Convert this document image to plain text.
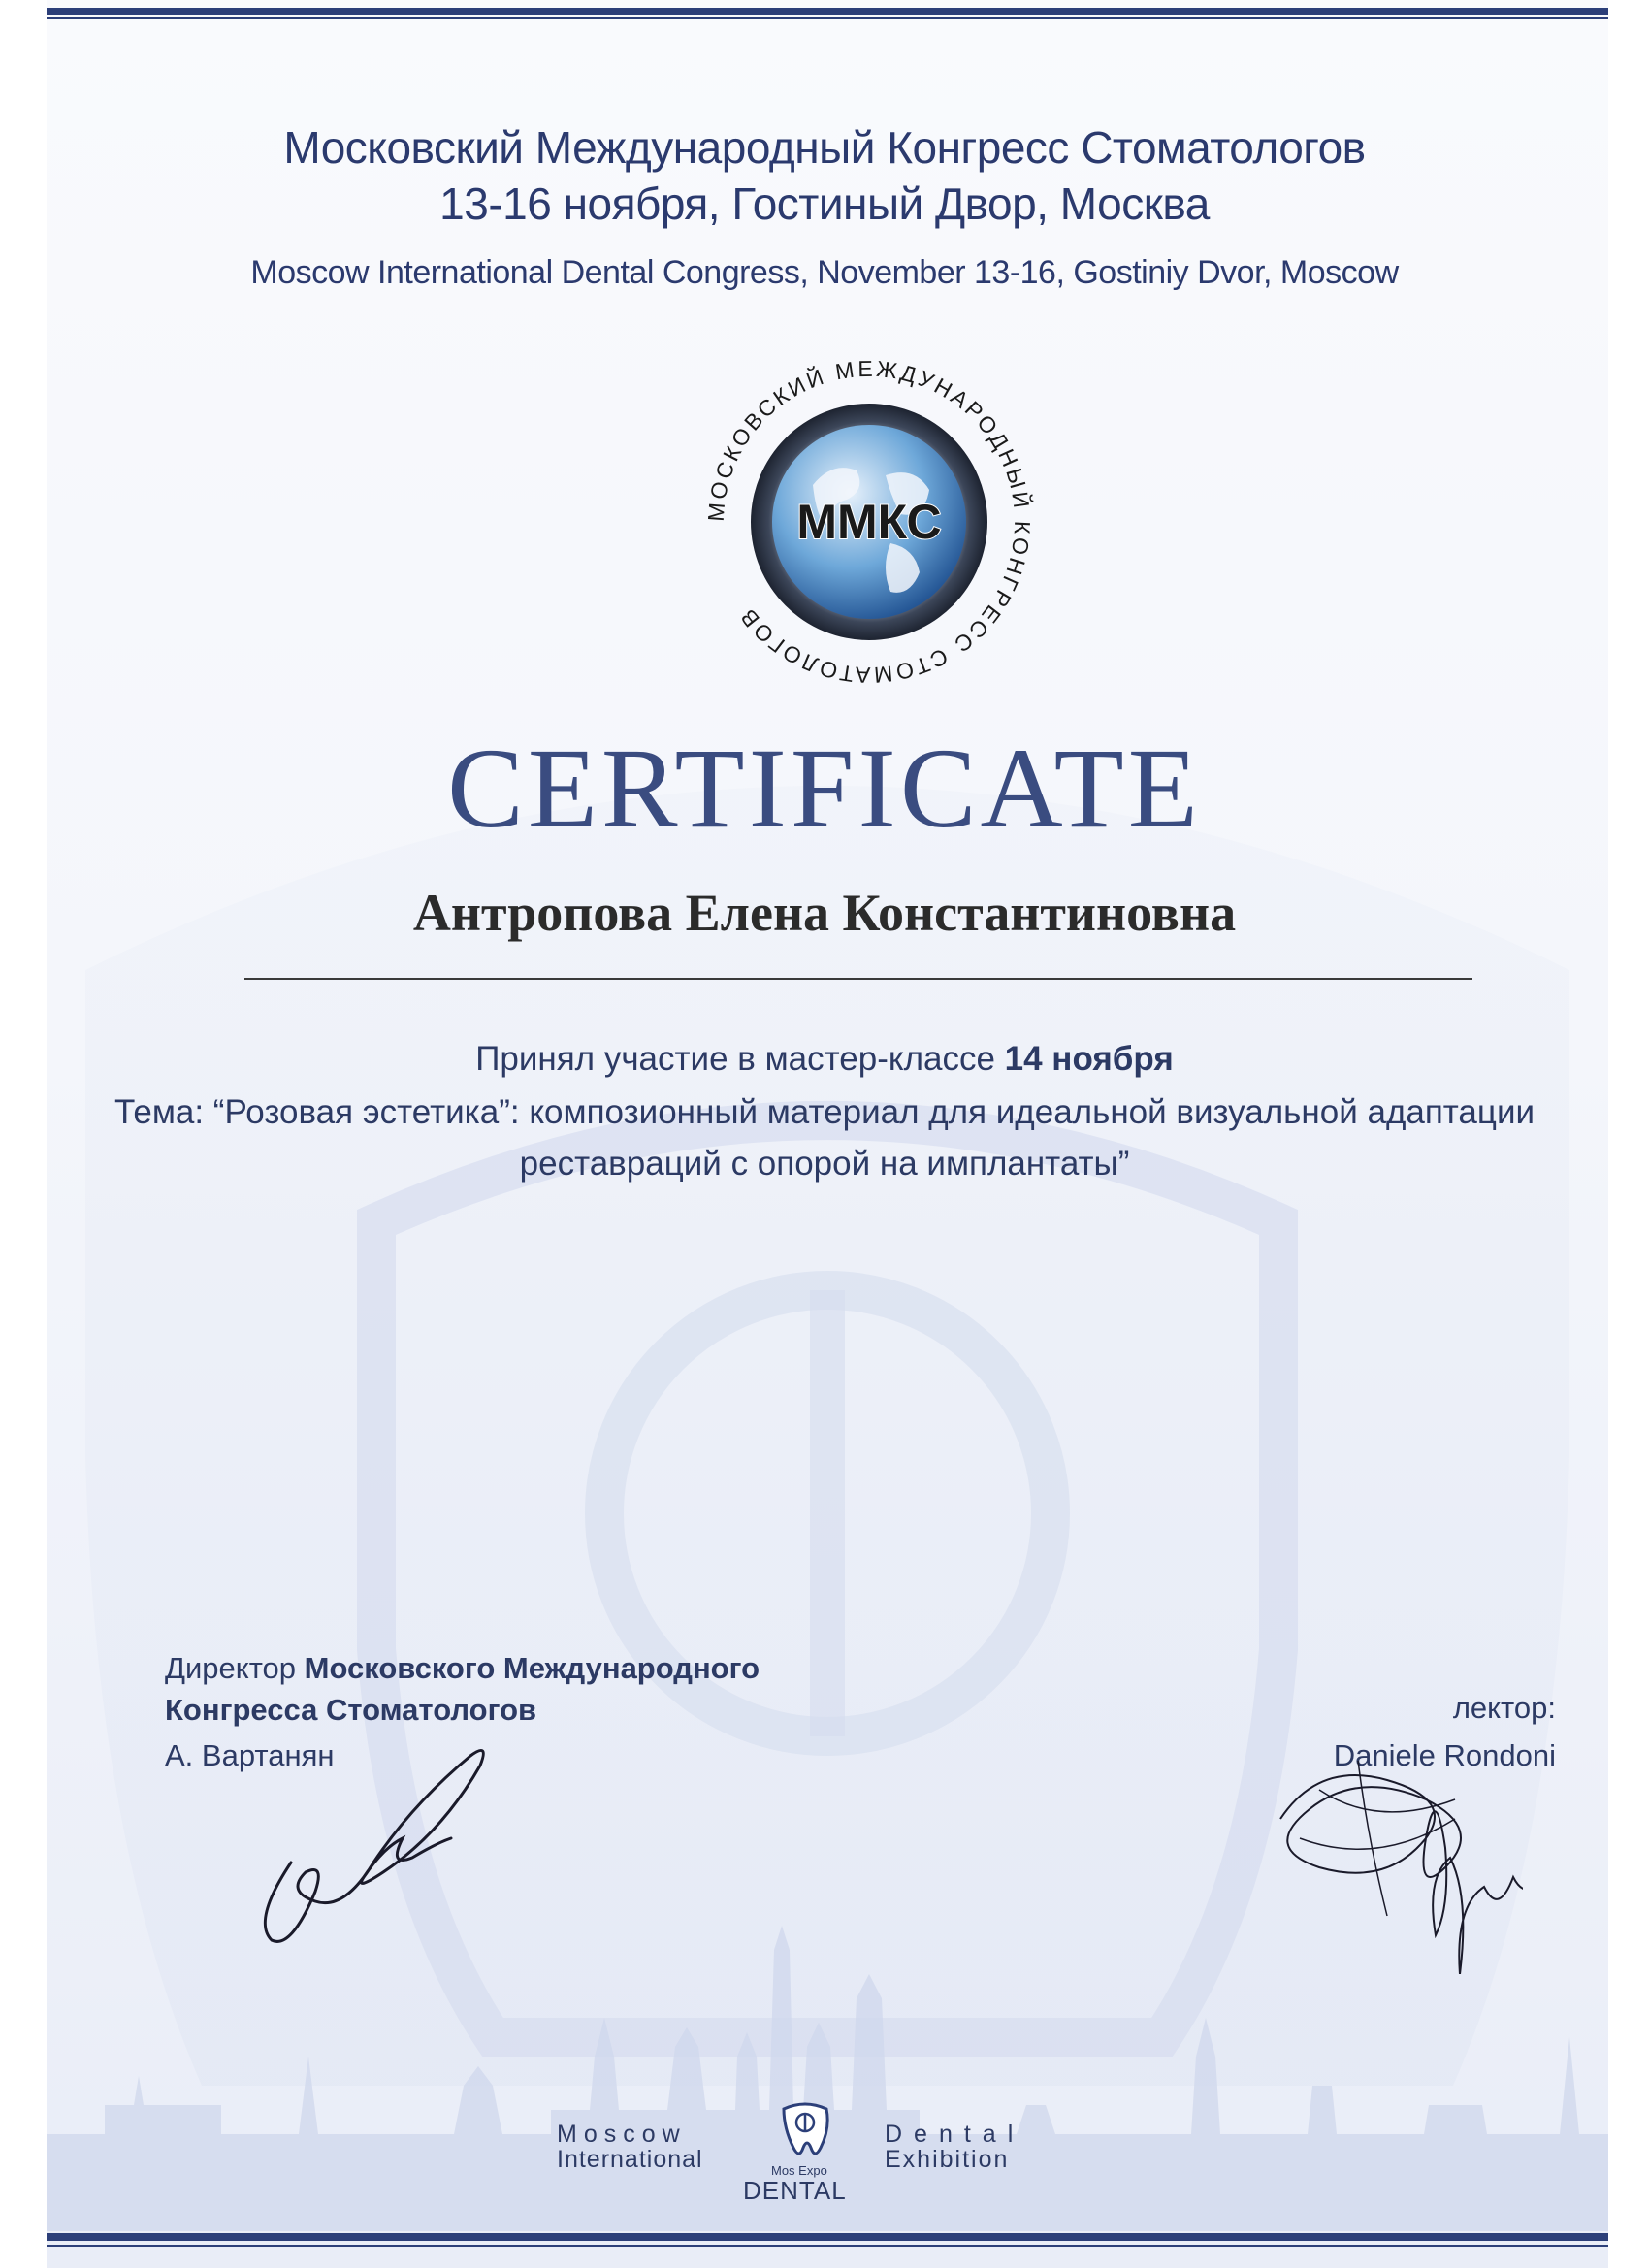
Московский Международный Конгресс Стоматологов
13-16 ноября, Гостиный Двор, Москва
Moscow International Dental Congress, November 13-16, Gostiniy Dvor, Moscow
ММКС
МОСКОВСКИЙ МЕЖДУНАРОДНЫЙ КОНГРЕСС СТОМАТОЛОГОВ
CERTIFICATE
Антропова Елена Константиновна
Принял участие в мастер-классе 14 ноября
Тема: “Розовая эстетика”: композионный материал для идеальной визуальной адаптации
реставраций с опорой на имплантаты”
Директор Московского Международного
Конгресса Стоматологов
А. Вартанян
лектор:
Daniele Rondoni
Moscow
International
Dental
Exhibition
Mos Expo
DENTAL
